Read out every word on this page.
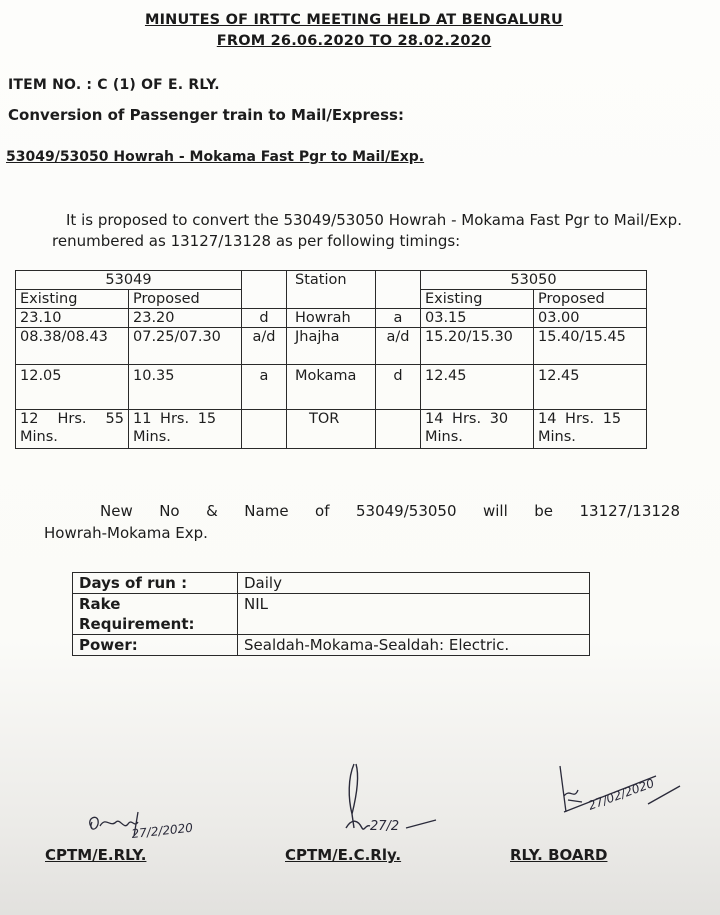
MINUTES OF IRTTC MEETING HELD AT BENGALURU
FROM 26.06.2020 TO 28.02.2020
ITEM NO. : C (1) OF E. RLY.
Conversion of Passenger train to Mail/Express:
53049/53050 Howrah - Mokama Fast Pgr to Mail/Exp.
It is proposed to convert the 53049/53050 Howrah - Mokama Fast Pgr to Mail/Exp. renumbered as 13127/13128 as per following timings:
53049			Station		53050	
Existing	Proposed				Existing	Proposed
23.10	23.20	d	Howrah	a	03.15	03.00
08.38/08.43	07.25/07.30	a/d	Jhajha	a/d	15.20/15.30	15.40/15.45
12.05	10.35	a	Mokama	d	12.45	12.45
12 Hrs. 55 Mins.	11 Hrs. 15 Mins.		TOR		14 Hrs. 30 Mins.	14 Hrs. 15 Mins.
New No & Name of 53049/53050 will be 13127/13128
Howrah-Mokama Exp.
Days of run :	Daily
Rake Requirement:	NIL
Power:	Sealdah-Mokama-Sealdah: Electric.
27/2/2020	27/2
27/02/2020
CPTM/E.RLY.	CPTM/E.C.Rly.	RLY. BOARD
